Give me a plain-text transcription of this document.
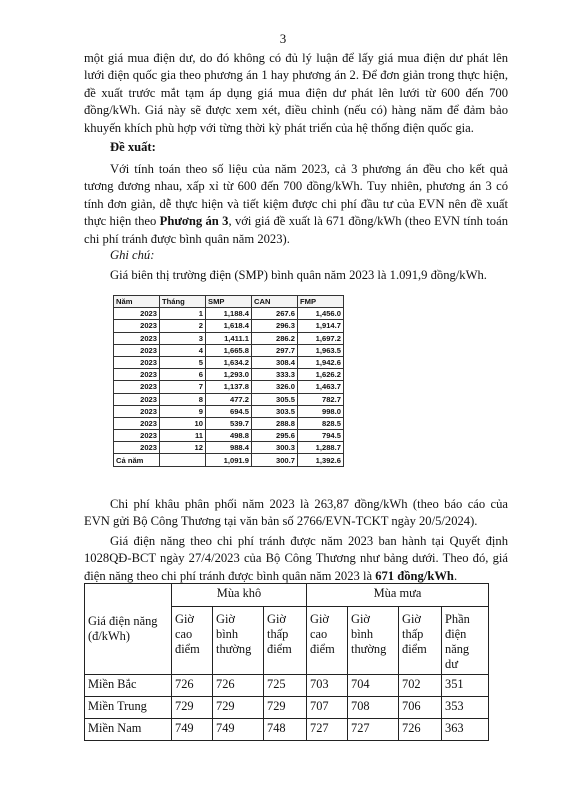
3

một giá mua điện dư, do đó không có đủ lý luận để lấy giá mua điện dư phát lên lưới điện quốc gia theo phương án 1 hay phương án 2. Để đơn giản trong thực hiện, đề xuất trước mắt tạm áp dụng giá mua điện dư phát lên lưới từ 600 đến 700 đồng/kWh. Giá này sẽ được xem xét, điều chỉnh (nếu có) hàng năm để đảm bảo khuyến khích phù hợp với từng thời kỳ phát triển của hệ thống điện quốc gia.

Đề xuất:

Với tính toán theo số liệu của năm 2023, cả 3 phương án đều cho kết quả tương đương nhau, xấp xỉ từ 600 đến 700 đồng/kWh. Tuy nhiên, phương án 3 có tính đơn giản, dễ thực hiện và tiết kiệm được chi phí đầu tư của EVN nên đề xuất thực hiện theo Phương án 3, với giá đề xuất là 671 đồng/kWh (theo EVN tính toán chi phí tránh được bình quân năm 2023).

Ghi chú:
Giá biên thị trường điện (SMP) bình quân năm 2023 là 1.091,9 đồng/kWh.
Năm	Tháng	SMP	CAN	FMP
2023	1	1,188.4	267.6	1,456.0
2023	2	1,618.4	296.3	1,914.7
2023	3	1,411.1	286.2	1,697.2
2023	4	1,665.8	297.7	1,963.5
2023	5	1,634.2	308.4	1,942.6
2023	6	1,293.0	333.3	1,626.2
2023	7	1,137.8	326.0	1,463.7
2023	8	477.2	305.5	782.7
2023	9	694.5	303.5	998.0
2023	10	539.7	288.8	828.5
2023	11	498.8	295.6	794.5
2023	12	988.4	300.3	1,288.7
Cả năm		1,091.9	300.7	1,392.6

Chi phí khâu phân phối năm 2023 là 263,87 đồng/kWh (theo báo cáo của EVN gửi Bộ Công Thương tại văn bản số 2766/EVN-TCKT ngày 20/5/2024).

Giá điện năng theo chi phí tránh được năm 2023 ban hành tại Quyết định 1028QĐ-BCT ngày 27/4/2023 của Bộ Công Thương như bảng dưới. Theo đó, giá điện năng theo chi phí tránh được bình quân năm 2023 là 671 đồng/kWh.

Giá điện năng (đ/kWh)	Mùa khô			Mùa mưa			
	Giờ cao điểm	Giờ bình thường	Giờ thấp điểm	Giờ cao điểm	Giờ bình thường	Giờ thấp điểm	Phần điện năng dư
Miền Bắc	726	726	725	703	704	702	351
Miền Trung	729	729	729	707	708	706	353
Miền Nam	749	749	748	727	727	726	363
